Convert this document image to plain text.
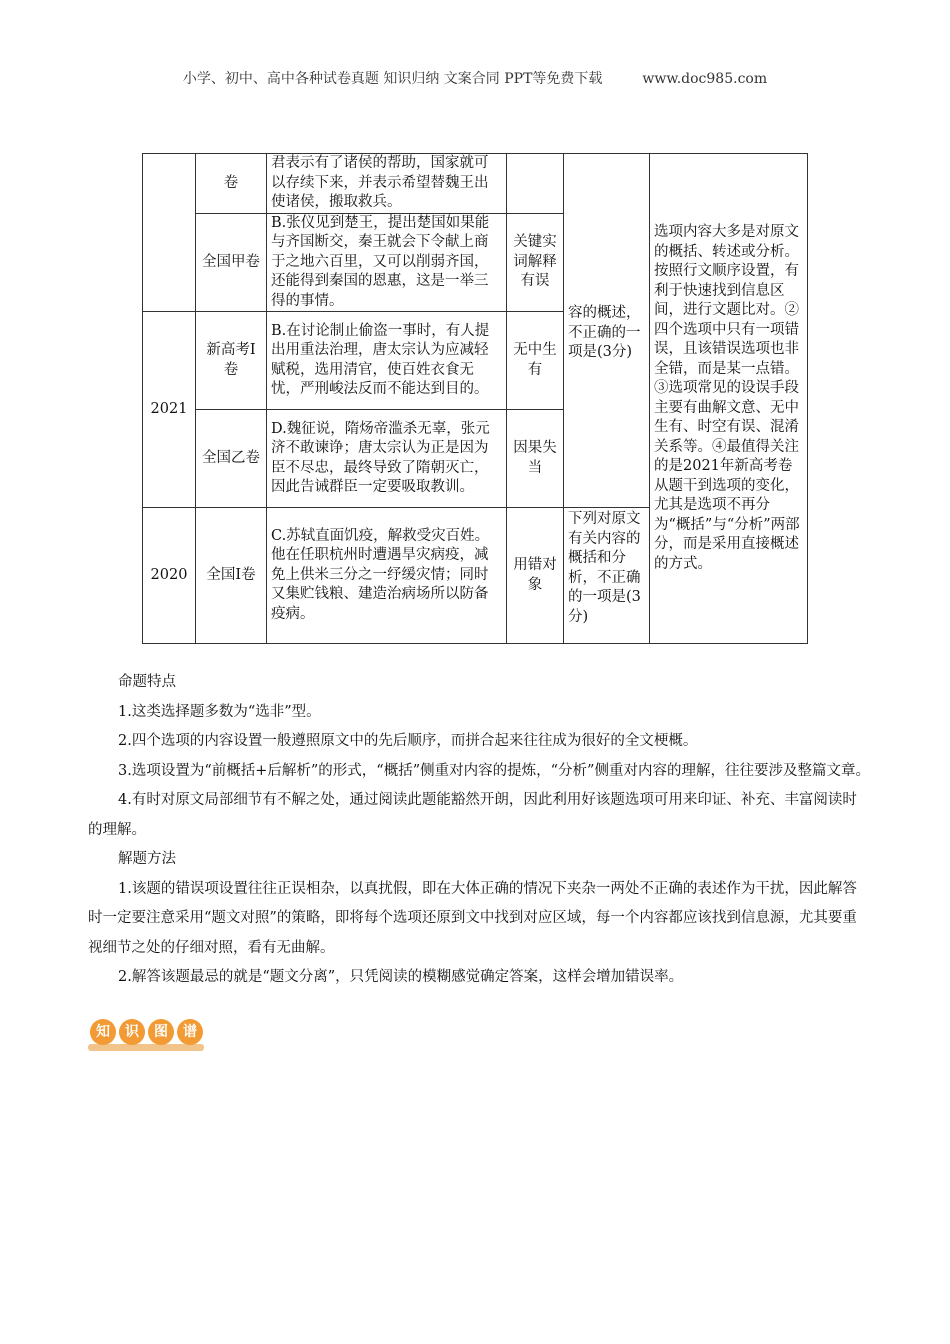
小学、初中、高中各种试卷真题 知识归纳 文案合同 PPT等免费下载	www.doc985.com
	卷	君表示有了诸侯的帮助，国家就可以存续下来，并表示希望替魏王出使诸侯，搬取救兵。		容的概述，不正确的一项是(3分)	选项内容大多是对原文的概括、转述或分析。按照行文顺序设置，有利于快速找到信息区间，进行文题比对。②四个选项中只有一项错误，且该错误选项也非全错，而是某一点错。③选项常见的设误手段主要有曲解文意、无中生有、时空有误、混淆关系等。④最值得关注的是2021年新高考卷从题干到选项的变化，尤其是选项不再分为“概括”与“分析”两部分，而是采用直接概述的方式。
	全国甲卷	B.张仪见到楚王，提出楚国如果能与齐国断交，秦王就会下令献上商于之地六百里，又可以削弱齐国，还能得到秦国的恩惠，这是一举三得的事情。	关键实词解释有误		
2021	新高考Ⅰ卷	B.在讨论制止偷盗一事时，有人提出用重法治理，唐太宗认为应减轻赋税，选用清官，使百姓衣食无忧，严刑峻法反而不能达到目的。	无中生有		
	全国乙卷	D.魏征说，隋炀帝滥杀无辜，张元济不敢谏诤；唐太宗认为正是因为臣不尽忠，最终导致了隋朝灭亡，因此告诫群臣一定要吸取教训。	因果失当		
2020	全国Ⅰ卷	C.苏轼直面饥疫，解救受灾百姓。他在任职杭州时遭遇旱灾病疫，减免上供米三分之一纾缓灾情；同时又集贮钱粮、建造治病场所以防备疫病。	用错对象	下列对原文有关内容的概括和分析，不正确的一项是(3分)	

命题特点

1.这类选择题多数为“选非”型。

2.四个选项的内容设置一般遵照原文中的先后顺序，而拼合起来往往成为很好的全文梗概。

3.选项设置为“前概括+后解析”的形式，“概括”侧重对内容的提炼，“分析”侧重对内容的理解，往往要涉及整篇文章。

4.有时对原文局部细节有不解之处，通过阅读此题能豁然开朗，因此利用好该题选项可用来印证、补充、丰富阅读时的理解。

解题方法

1.该题的错误项设置往往正误相杂，以真扰假，即在大体正确的情况下夹杂一两处不正确的表述作为干扰，因此解答时一定要注意采用“题文对照”的策略，即将每个选项还原到文中找到对应区域，每一个内容都应该找到信息源，尤其要重视细节之处的仔细对照，看有无曲解。

2.解答该题最忌的就是“题文分离”，只凭阅读的模糊感觉确定答案，这样会增加错误率。

知	识	图	谱
